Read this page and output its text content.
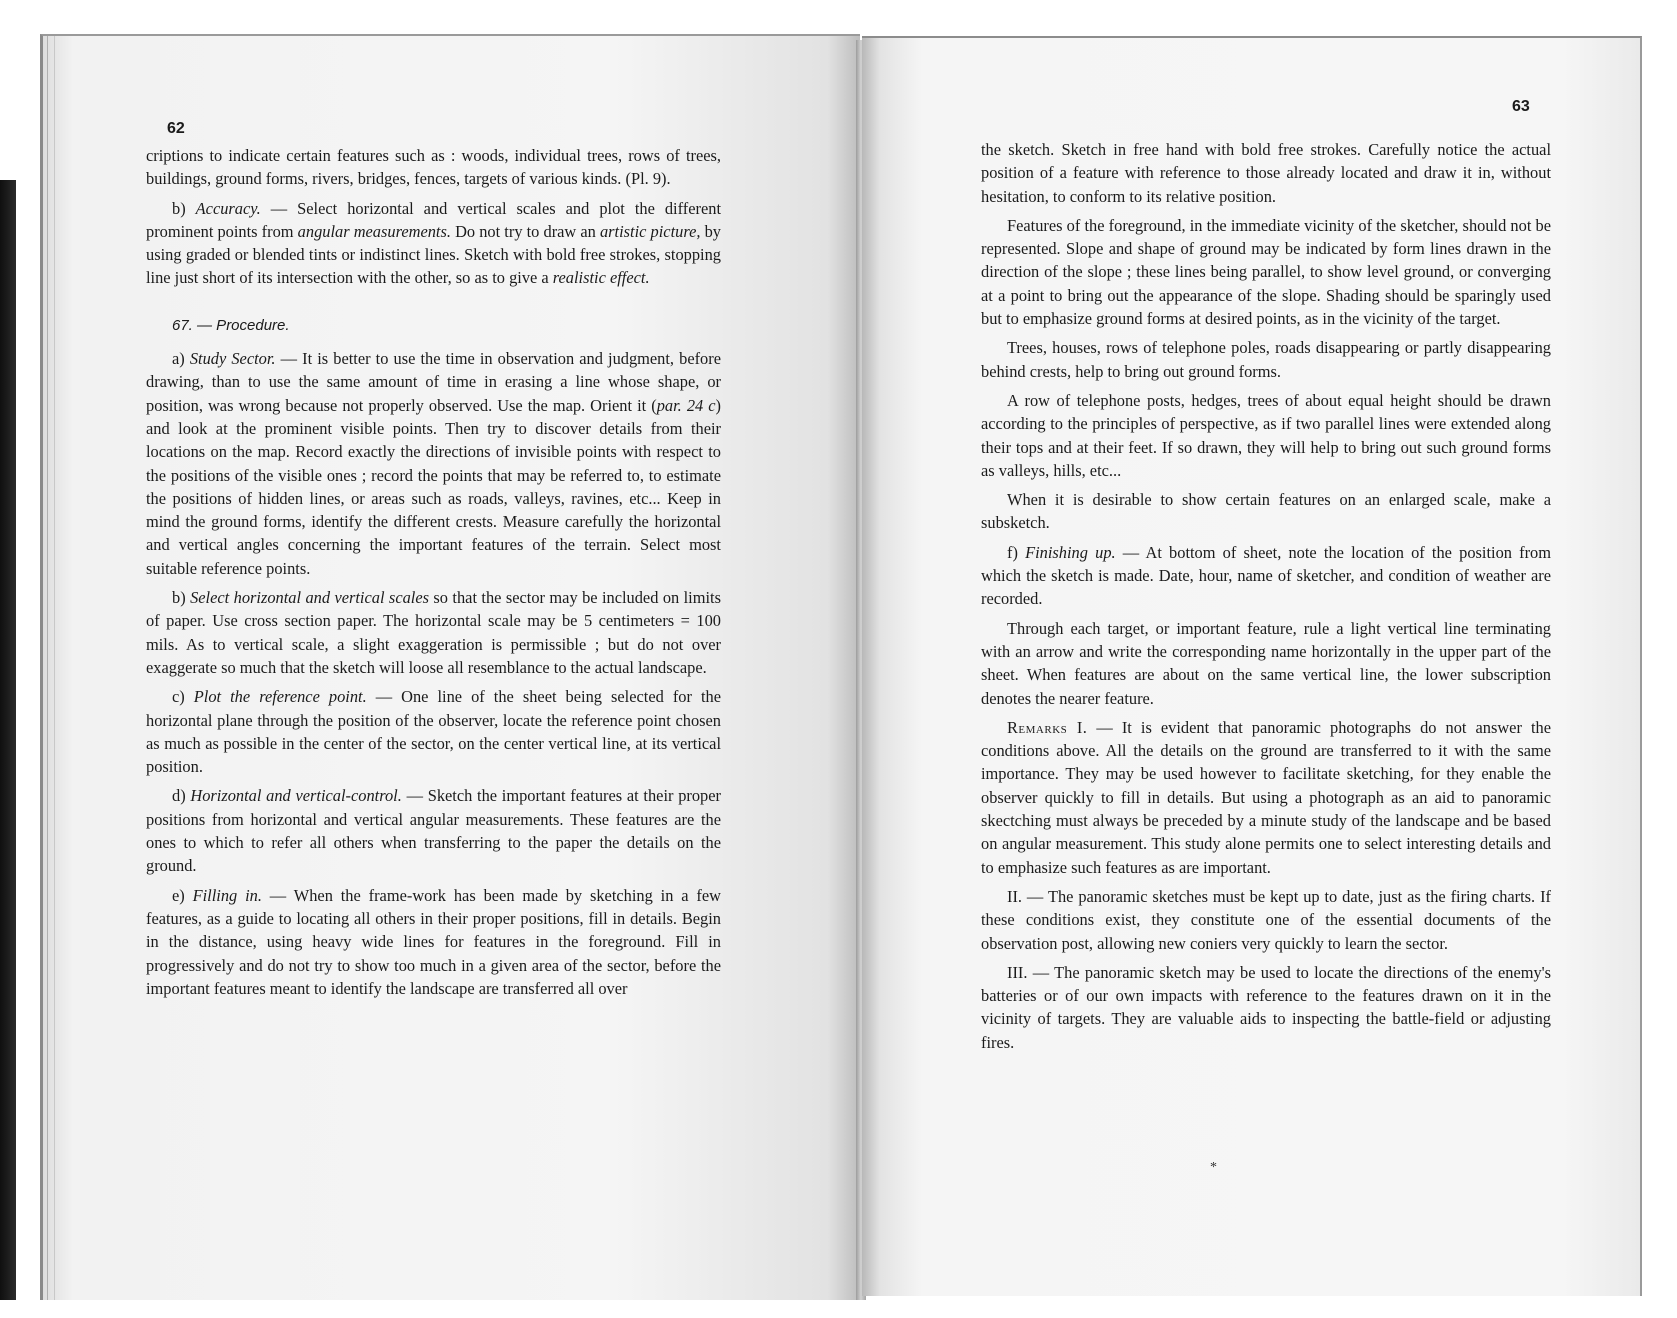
62

criptions to indicate certain features such as : woods, individual trees, rows of trees, buildings, ground forms, rivers, bridges, fences, targets of various kinds. (Pl. 9).

b) Accuracy. — Select horizontal and vertical scales and plot the different prominent points from angular measurements. Do not try to draw an artistic picture, by using graded or blended tints or indistinct lines. Sketch with bold free strokes, stopping line just short of its intersection with the other, so as to give a realistic effect.

67. — Procedure.

a) Study Sector. — It is better to use the time in observation and judgment, before drawing, than to use the same amount of time in erasing a line whose shape, or position, was wrong because not properly observed. Use the map. Orient it (par. 24 c) and look at the prominent visible points. Then try to discover details from their locations on the map. Record exactly the directions of invisible points with respect to the positions of the visible ones ; record the points that may be referred to, to estimate the positions of hidden lines, or areas such as roads, valleys, ravines, etc... Keep in mind the ground forms, identify the different crests. Measure carefully the horizontal and vertical angles concerning the important features of the terrain. Select most suitable reference points.

b) Select horizontal and vertical scales so that the sector may be included on limits of paper. Use cross section paper. The horizontal scale may be 5 centimeters = 100 mils. As to vertical scale, a slight exaggeration is permissible ; but do not over exaggerate so much that the sketch will loose all resemblance to the actual landscape.

c) Plot the reference point. — One line of the sheet being selected for the horizontal plane through the position of the observer, locate the reference point chosen as much as possible in the center of the sector, on the center vertical line, at its vertical position.

d) Horizontal and vertical-control. — Sketch the important features at their proper positions from horizontal and vertical angular measurements. These features are the ones to which to refer all others when transferring to the paper the details on the ground.

e) Filling in. — When the frame-work has been made by sketching in a few features, as a guide to locating all others in their proper positions, fill in details. Begin in the distance, using heavy wide lines for features in the foreground. Fill in progressively and do not try to show too much in a given area of the sector, before the important features meant to identify the landscape are transferred all over

63

the sketch. Sketch in free hand with bold free strokes. Carefully notice the actual position of a feature with reference to those already located and draw it in, without hesitation, to conform to its relative position.

Features of the foreground, in the immediate vicinity of the sketcher, should not be represented. Slope and shape of ground may be indicated by form lines drawn in the direction of the slope ; these lines being parallel, to show level ground, or converging at a point to bring out the appearance of the slope. Shading should be sparingly used but to emphasize ground forms at desired points, as in the vicinity of the target.

Trees, houses, rows of telephone poles, roads disappearing or partly disappearing behind crests, help to bring out ground forms.

A row of telephone posts, hedges, trees of about equal height should be drawn according to the principles of perspective, as if two parallel lines were extended along their tops and at their feet. If so drawn, they will help to bring out such ground forms as valleys, hills, etc...

When it is desirable to show certain features on an enlarged scale, make a subsketch.

f) Finishing up. — At bottom of sheet, note the location of the position from which the sketch is made. Date, hour, name of sketcher, and condition of weather are recorded.

Through each target, or important feature, rule a light vertical line terminating with an arrow and write the corresponding name horizontally in the upper part of the sheet. When features are about on the same vertical line, the lower subscription denotes the nearer feature.

Remarks I. — It is evident that panoramic photographs do not answer the conditions above. All the details on the ground are transferred to it with the same importance. They may be used however to facilitate sketching, for they enable the observer quickly to fill in details. But using a photograph as an aid to panoramic skectching must always be preceded by a minute study of the landscape and be based on angular measurement. This study alone permits one to select interesting details and to emphasize such features as are important.

II. — The panoramic sketches must be kept up to date, just as the firing charts. If these conditions exist, they constitute one of the essential documents of the observation post, allowing new coniers very quickly to learn the sector.

III. — The panoramic sketch may be used to locate the directions of the enemy's batteries or of our own impacts with reference to the features drawn on it in the vicinity of targets. They are valuable aids to inspecting the battle-field or adjusting fires.

*
